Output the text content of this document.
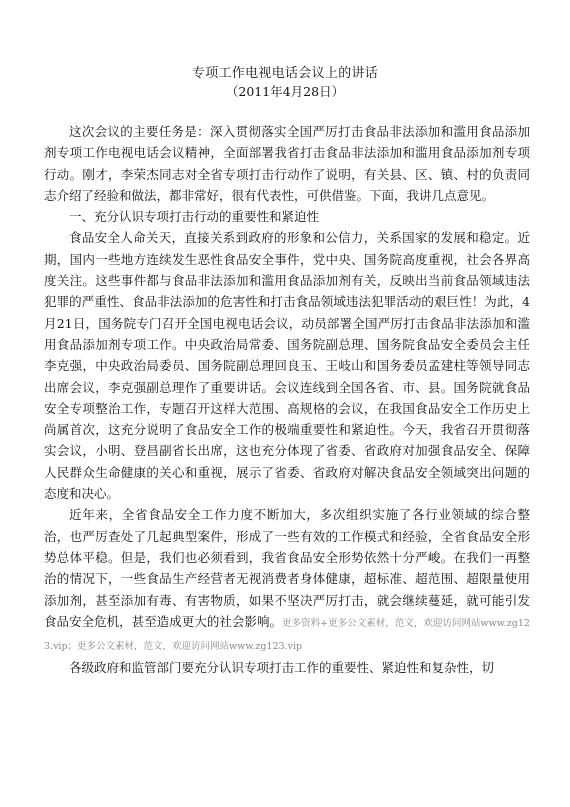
专项工作电视电话会议上的讲话
（2011年4月28日）

这次会议的主要任务是：深入贯彻落实全国严厉打击食品非法添加和滥用食品添加剂专项工作电视电话会议精神，全面部署我省打击食品非法添加和滥用食品添加剂专项行动。刚才，李荣杰同志对全省专项打击行动作了说明，有关县、区、镇、村的负责同志介绍了经验和做法，都非常好，很有代表性，可供借鉴。下面，我讲几点意见。

一、充分认识专项打击行动的重要性和紧迫性

食品安全人命关天，直接关系到政府的形象和公信力，关系国家的发展和稳定。近期，国内一些地方连续发生恶性食品安全事件，党中央、国务院高度重视，社会各界高度关注。这些事件都与食品非法添加和滥用食品添加剂有关，反映出当前食品领域违法犯罪的严重性、食品非法添加的危害性和打击食品领域违法犯罪活动的艰巨性！为此，4月21日，国务院专门召开全国电视电话会议，动员部署全国严厉打击食品非法添加和滥用食品添加剂专项工作。中央政治局常委、国务院副总理、国务院食品安全委员会主任李克强，中央政治局委员、国务院副总理回良玉、王岐山和国务委员孟建柱等领导同志出席会议，李克强副总理作了重要讲话。会议连线到全国各省、市、县。国务院就食品安全专项整治工作，专题召开这样大范围、高规格的会议，在我国食品安全工作历史上尚属首次，这充分说明了食品安全工作的极端重要性和紧迫性。今天，我省召开贯彻落实会议，小明、登昌副省长出席，这也充分体现了省委、省政府对加强食品安全、保障人民群众生命健康的关心和重视，展示了省委、省政府对解决食品安全领域突出问题的态度和决心。

近年来，全省食品安全工作力度不断加大，多次组织实施了各行业领域的综合整治，也严厉查处了几起典型案件，形成了一些有效的工作模式和经验，全省食品安全形势总体平稳。但是，我们也必须看到，我省食品安全形势依然十分严峻。在我们一再整治的情况下，一些食品生产经营者无视消费者身体健康，超标准、超范围、超限量使用添加剂，甚至添加有毒、有害物质，如果不坚决严厉打击，就会继续蔓延，就可能引发食品安全危机，甚至造成更大的社会影响。更多资料+更多公文素材，范文，欢迎访问网站www.zg123.vip；更多公文素材，范文，欢迎访问网站www.zg123.vip

各级政府和监管部门要充分认识专项打击工作的重要性、紧迫性和复杂性，切
